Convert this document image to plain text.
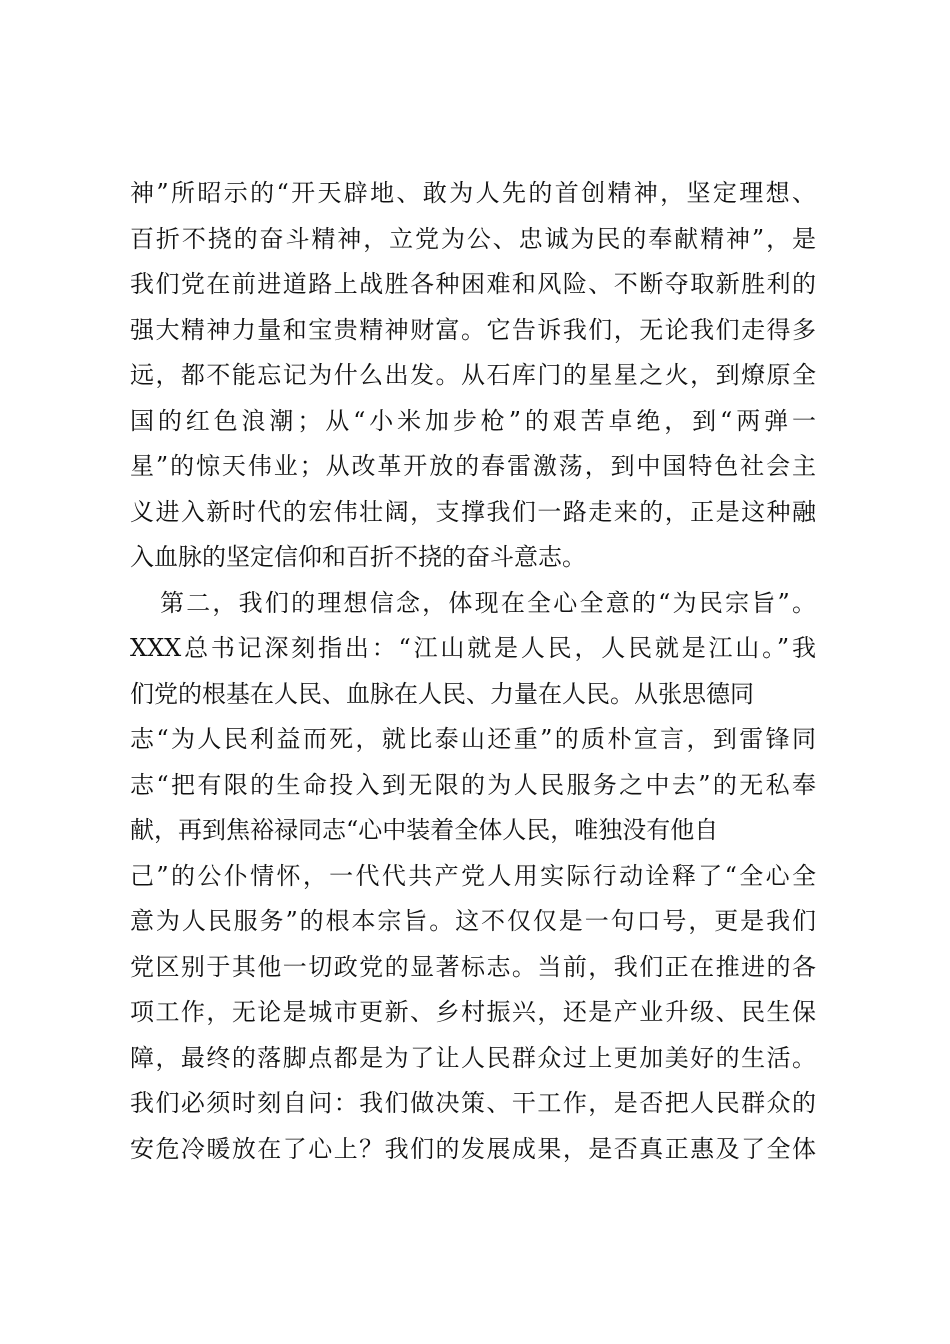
神”所昭示的“开天辟地、敢为人先的首创精神，坚定理想、
百折不挠的奋斗精神，立党为公、忠诚为民的奉献精神”，是
我们党在前进道路上战胜各种困难和风险、不断夺取新胜利的
强大精神力量和宝贵精神财富。它告诉我们，无论我们走得多
远，都不能忘记为什么出发。从石库门的星星之火，到燎原全
国的红色浪潮；从“小米加步枪”的艰苦卓绝，到“两弹一
星”的惊天伟业；从改革开放的春雷激荡，到中国特色社会主
义进入新时代的宏伟壮阔，支撑我们一路走来的，正是这种融
入血脉的坚定信仰和百折不挠的奋斗意志。
第二，我们的理想信念，体现在全心全意的“为民宗旨”。
XXX总书记深刻指出：“江山就是人民，人民就是江山。”我
们党的根基在人民、血脉在人民、力量在人民。从张思德同
志“为人民利益而死，就比泰山还重”的质朴宣言，到雷锋同
志“把有限的生命投入到无限的为人民服务之中去”的无私奉
献，再到焦裕禄同志“心中装着全体人民，唯独没有他自
己”的公仆情怀，一代代共产党人用实际行动诠释了“全心全
意为人民服务”的根本宗旨。这不仅仅是一句口号，更是我们
党区别于其他一切政党的显著标志。当前，我们正在推进的各
项工作，无论是城市更新、乡村振兴，还是产业升级、民生保
障，最终的落脚点都是为了让人民群众过上更加美好的生活。
我们必须时刻自问：我们做决策、干工作，是否把人民群众的
安危冷暖放在了心上？我们的发展成果，是否真正惠及了全体
